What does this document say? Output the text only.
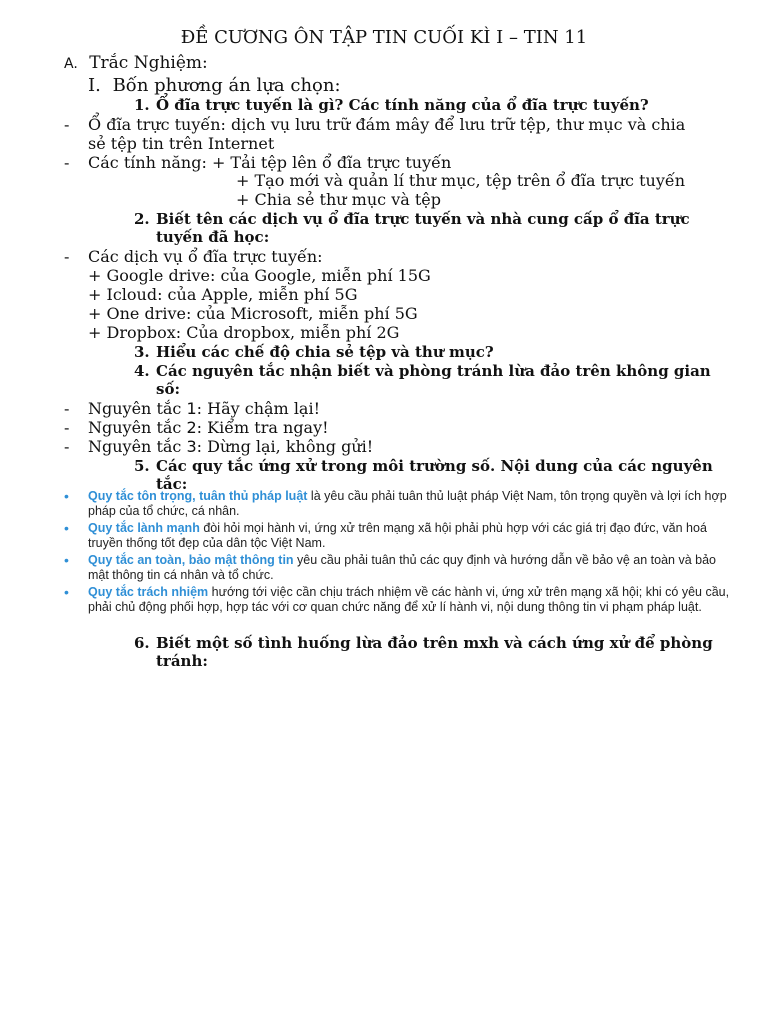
ĐỀ CƯƠNG ÔN TẬP TIN CUỐI KÌ I – TIN 11
A. Trắc Nghiệm:
I. Bốn phương án lựa chọn:
1. Ổ đĩa trực tuyến là gì? Các tính năng của ổ đĩa trực tuyến?
- Ổ đĩa trực tuyến: dịch vụ lưu trữ đám mây để lưu trữ tệp, thư mục và chia
sẻ tệp tin trên Internet
- Các tính năng: + Tải tệp lên ổ đĩa trực tuyến
+ Tạo mới và quản lí thư mục, tệp trên ổ đĩa trực tuyến
+ Chia sẻ thư mục và tệp
2. Biết tên các dịch vụ ổ đĩa trực tuyến và nhà cung cấp ổ đĩa trực
tuyến đã học:
- Các dịch vụ ổ đĩa trực tuyến:
+ Google drive: của Google, miễn phí 15G
+ Icloud: của Apple, miễn phí 5G
+ One drive: của Microsoft, miễn phí 5G
+ Dropbox: Của dropbox, miễn phí 2G
3. Hiểu các chế độ chia sẻ tệp và thư mục?
4. Các nguyên tắc nhận biết và phòng tránh lừa đảo trên không gian
số:
- Nguyên tắc 1: Hãy chậm lại!
- Nguyên tắc 2: Kiểm tra ngay!
- Nguyên tắc 3: Dừng lại, không gửi!
5. Các quy tắc ứng xử trong môi trường số. Nội dung của các nguyên
tắc:
• Quy tắc tôn trọng, tuân thủ pháp luật là yêu cầu phải tuân thủ luật pháp Việt Nam, tôn trọng quyền và lợi ích hợp pháp của tổ chức, cá nhân.
• Quy tắc lành mạnh đòi hỏi mọi hành vi, ứng xử trên mạng xã hội phải phù hợp với các giá trị đạo đức, văn hoá truyền thống tốt đẹp của dân tộc Việt Nam.
• Quy tắc an toàn, bảo mật thông tin yêu cầu phải tuân thủ các quy định và hướng dẫn về bảo vệ an toàn và bảo mật thông tin cá nhân và tổ chức.
• Quy tắc trách nhiệm hướng tới việc cần chịu trách nhiệm về các hành vi, ứng xử trên mạng xã hội; khi có yêu cầu, phải chủ động phối hợp, hợp tác với cơ quan chức năng để xử lí hành vi, nội dung thông tin vi phạm pháp luật.
6. Biết một số tình huống lừa đảo trên mxh và cách ứng xử để phòng
tránh:
